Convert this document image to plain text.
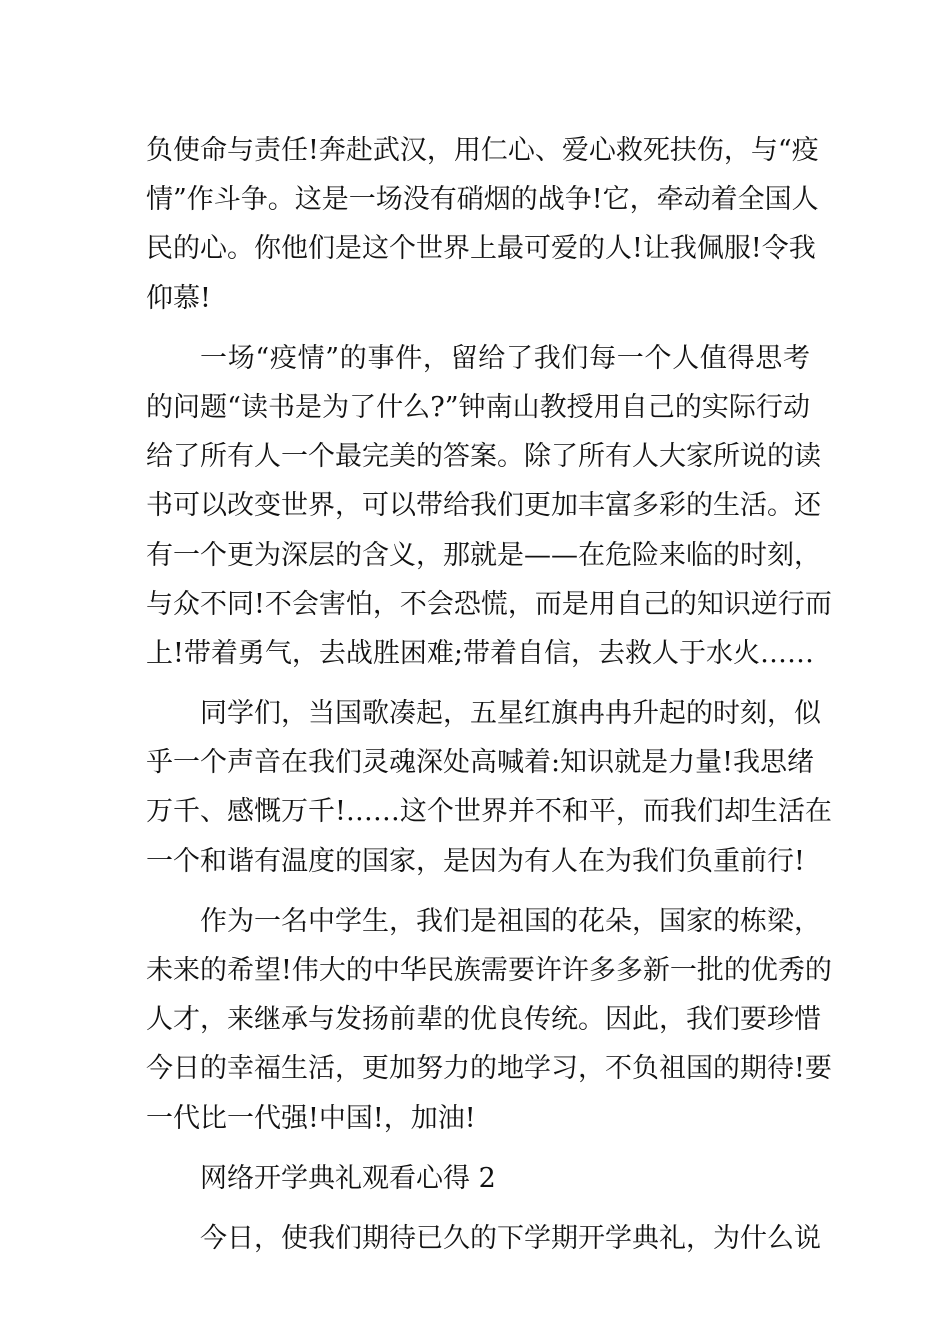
负使命与责任!奔赴武汉，用仁心、爱心救死扶伤，与“疫
情”作斗争。这是一场没有硝烟的战争!它，牵动着全国人
民的心。你他们是这个世界上最可爱的人!让我佩服!令我
仰慕!
一场“疫情”的事件，留给了我们每一个人值得思考
的问题“读书是为了什么?”钟南山教授用自己的实际行动
给了所有人一个最完美的答案。除了所有人大家所说的读
书可以改变世界，可以带给我们更加丰富多彩的生活。还
有一个更为深层的含义，那就是——在危险来临的时刻，
与众不同!不会害怕，不会恐慌，而是用自己的知识逆行而
上!带着勇气，去战胜困难;带着自信，去救人于水火……
同学们，当国歌凑起，五星红旗冉冉升起的时刻，似
乎一个声音在我们灵魂深处高喊着:知识就是力量!我思绪
万千、感慨万千!……这个世界并不和平，而我们却生活在
一个和谐有温度的国家，是因为有人在为我们负重前行!
作为一名中学生，我们是祖国的花朵，国家的栋梁，
未来的希望!伟大的中华民族需要许许多多新一批的优秀的
人才，来继承与发扬前辈的优良传统。因此，我们要珍惜
今日的幸福生活，更加努力的地学习，不负祖国的期待!要
一代比一代强!中国!，加油!
网络开学典礼观看心得 2
今日，使我们期待已久的下学期开学典礼，为什么说
